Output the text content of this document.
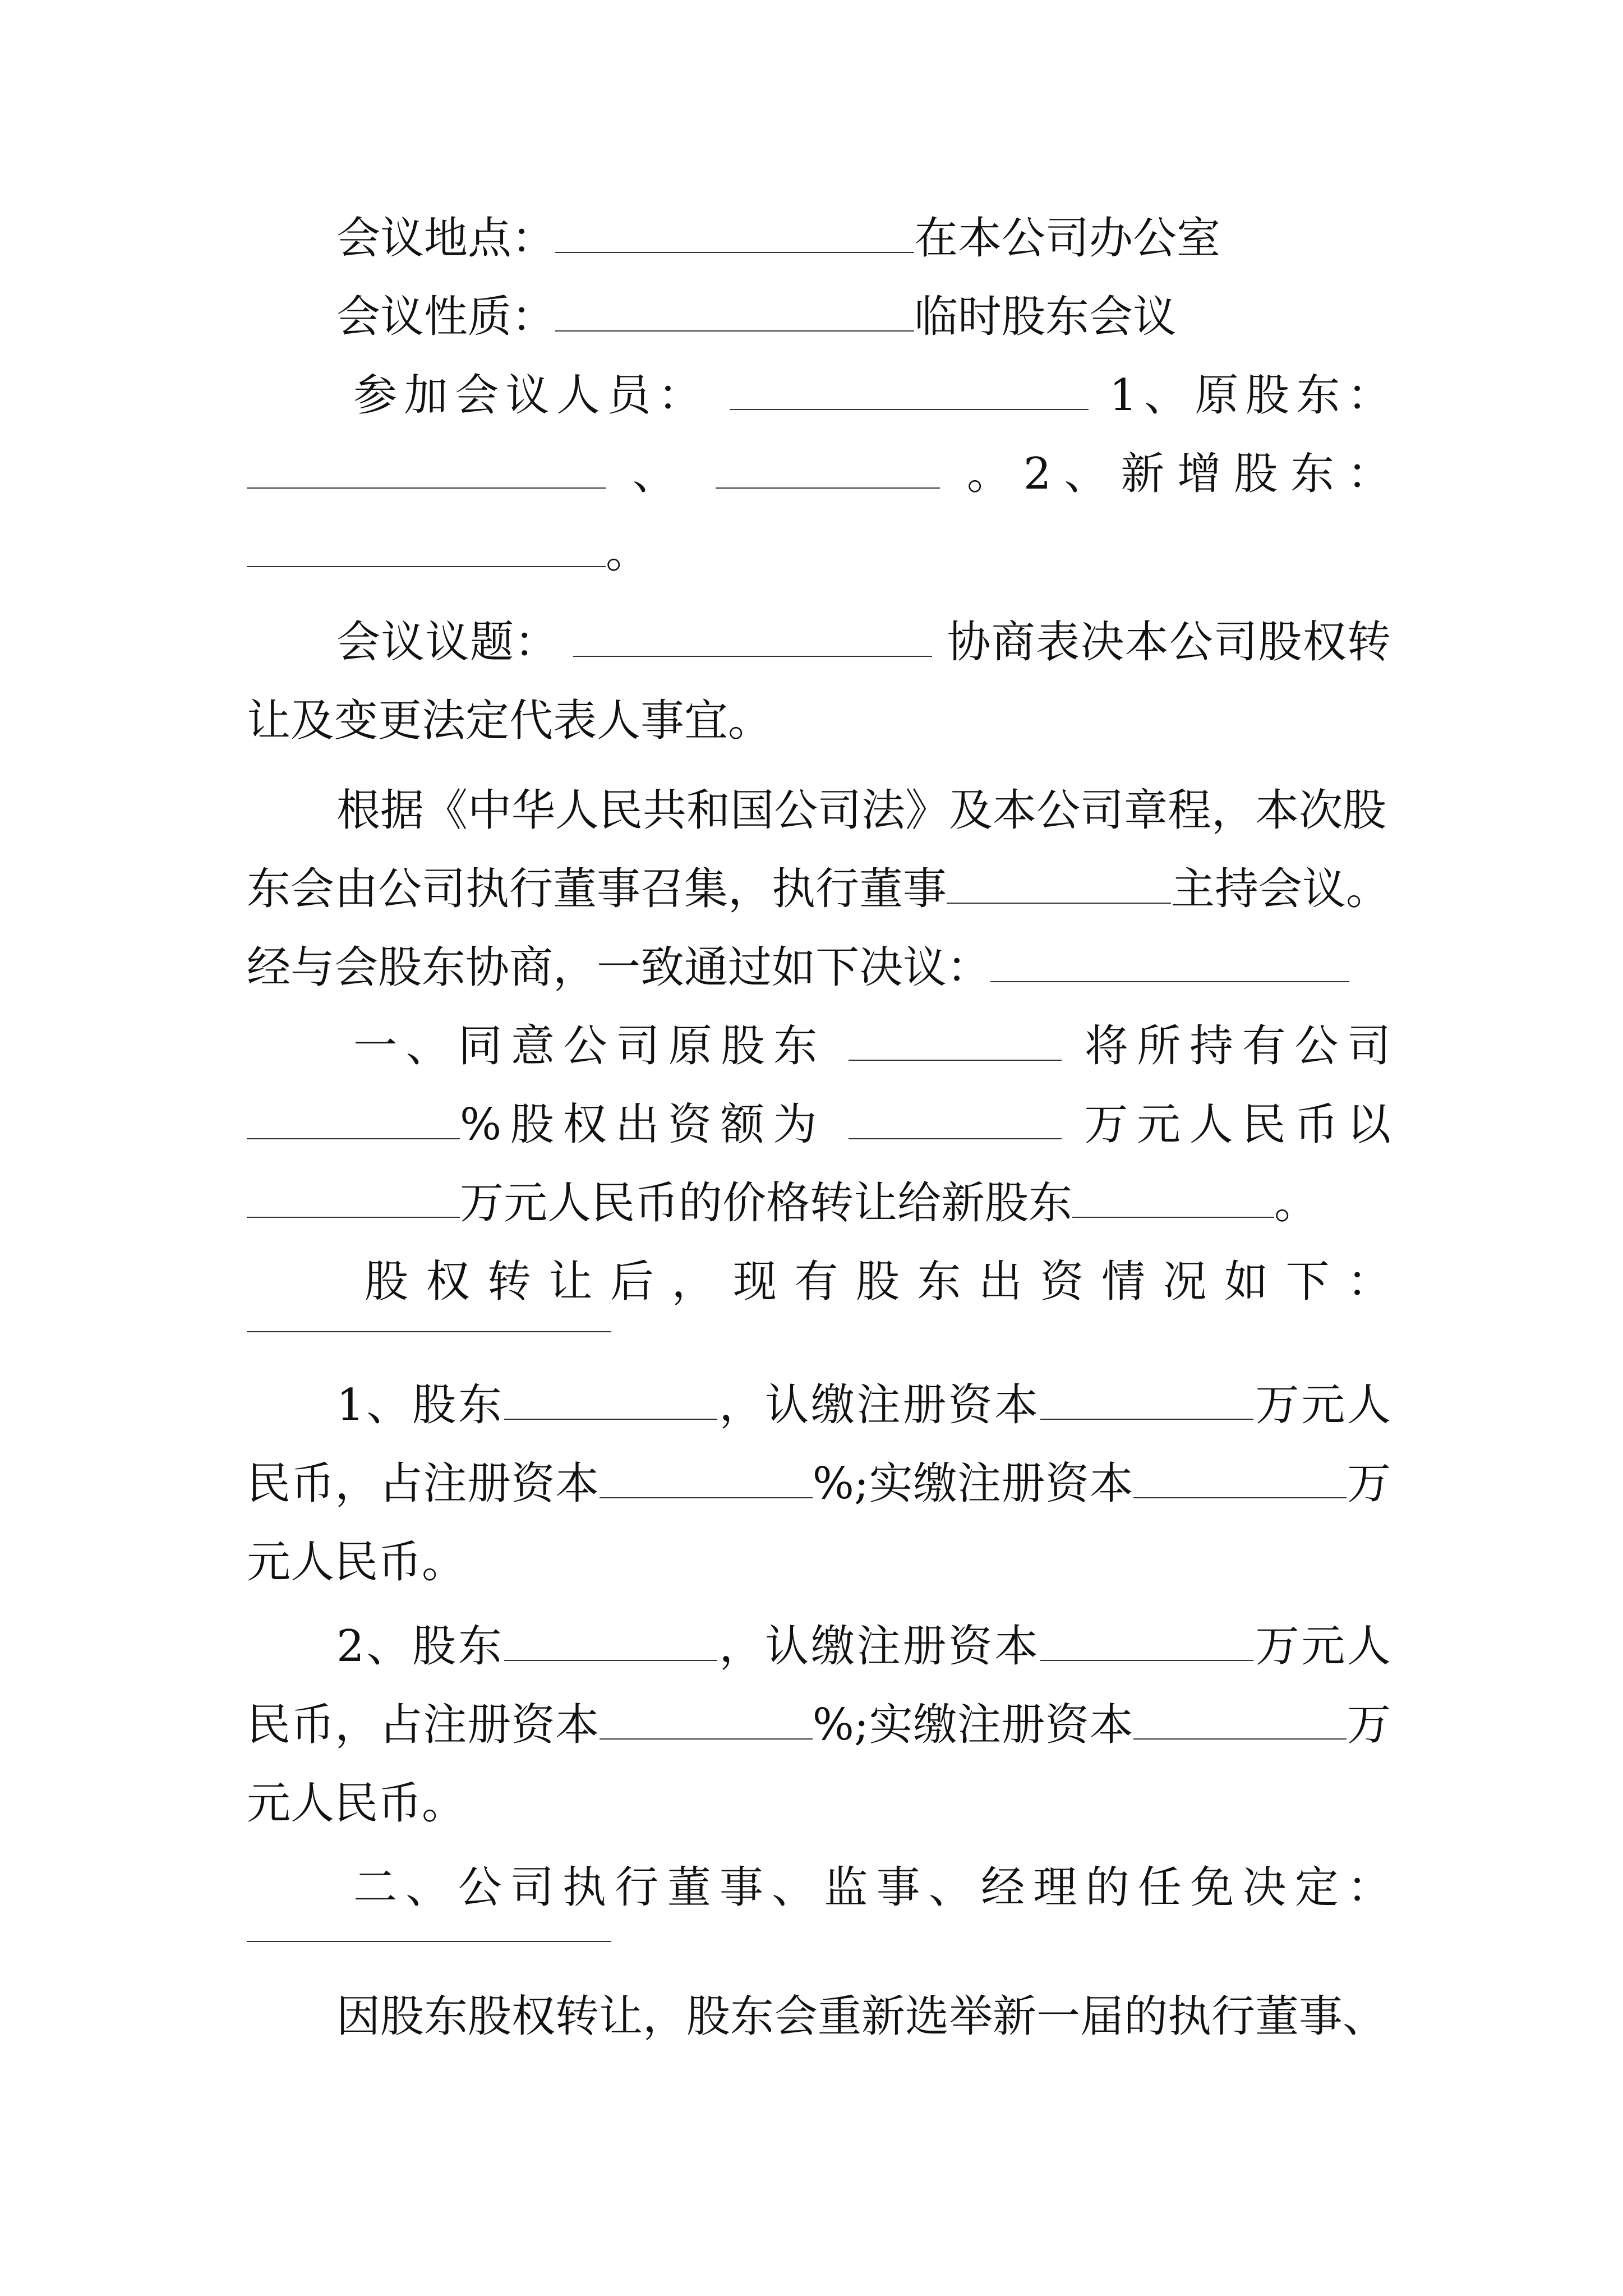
会议地点：	在本公司办公室
会议性质：	临时股东会议
参加会议人员：	1、原股东：
、	。2、新增股东：
。
会议议题：	协商表决本公司股权转
让及变更法定代表人事宜。
根据《中华人民共和国公司法》及本公司章程，本次股
东会由公司执行董事召集，执行董事	主持会议。
经与会股东协商，一致通过如下决议：
一、同意公司原股东	将所持有公司
%股权出资额为	万元人民币以
万元人民币的价格转让给新股东	。
股权转让后，现有股东出资情况如下：
1、股东	，认缴注册资本	万元人
民币，占注册资本	%;实缴注册资本	万
元人民币。
2、股东	，认缴注册资本	万元人
民币，占注册资本	%;实缴注册资本	万
元人民币。
二、公司执行董事、监事、经理的任免决定：
因股东股权转让，股东会重新选举新一届的执行董事、
